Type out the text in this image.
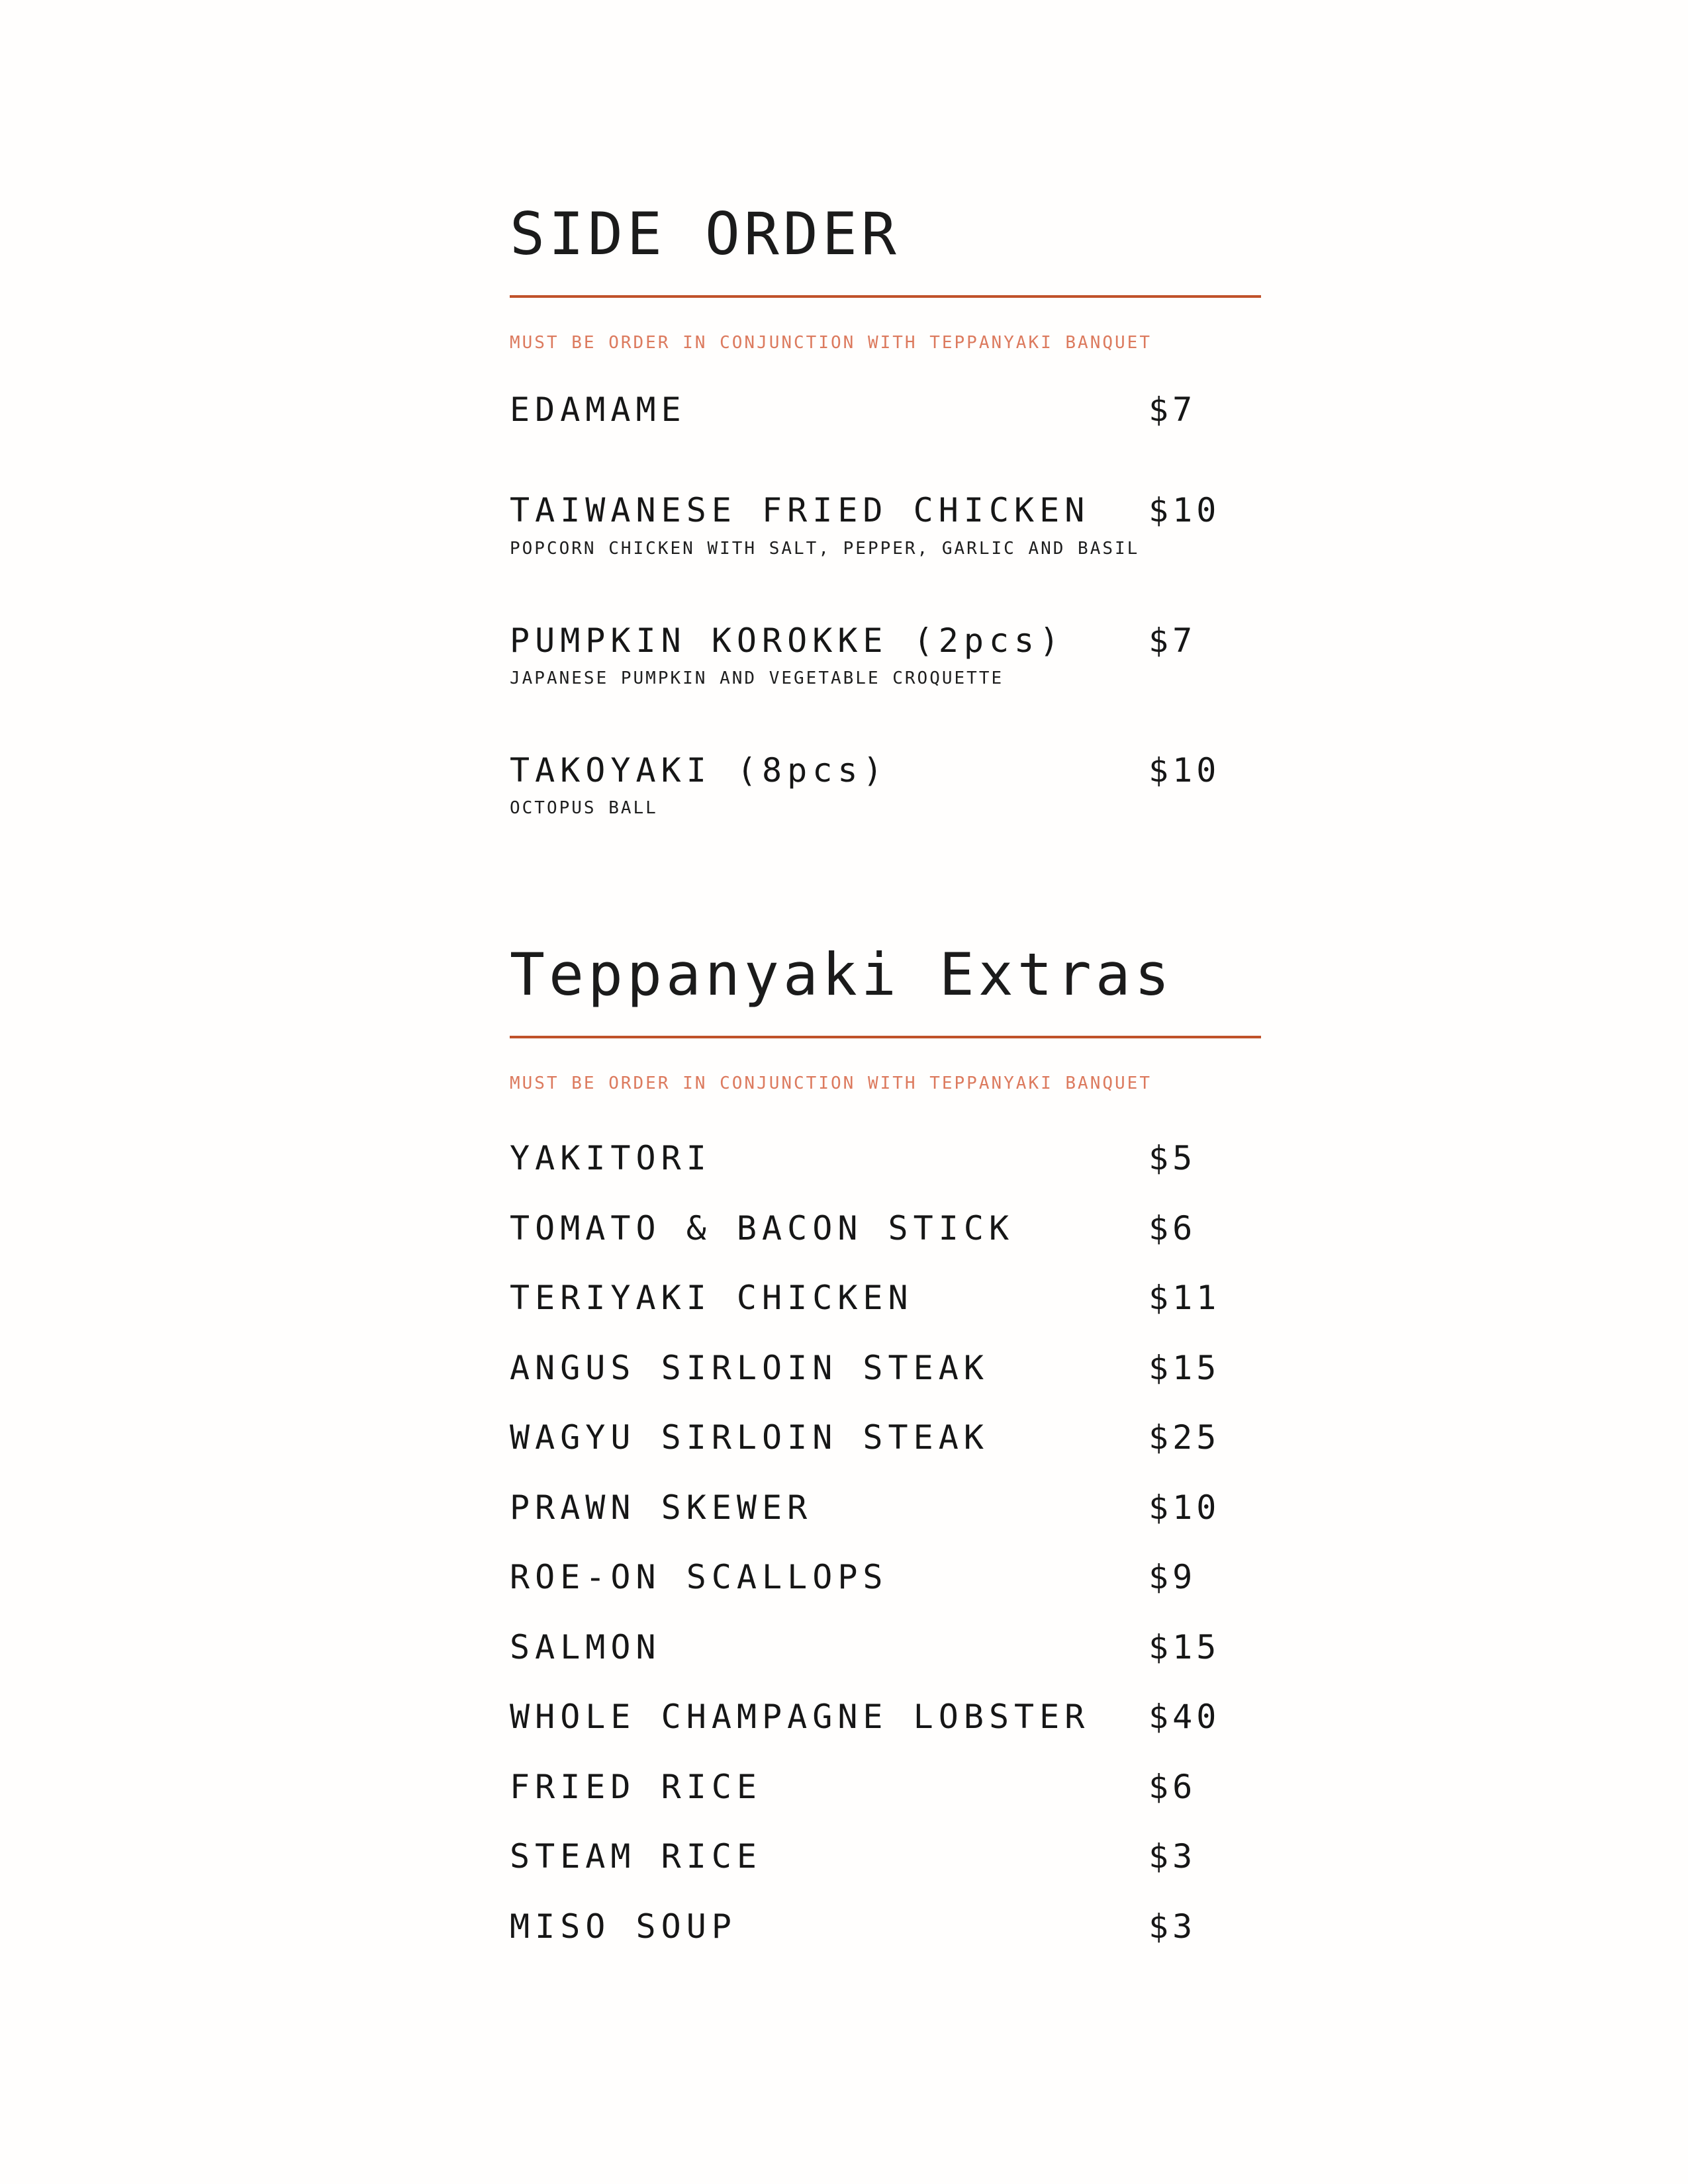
SIDE ORDER

MUST BE ORDER IN CONJUNCTION WITH TEPPANYAKI BANQUET

EDAMAME	$7
TAIWANESE FRIED CHICKEN $10

POPCORN CHICKEN WITH SALT, PEPPER, GARLIC AND BASIL

PUMPKIN KOROKKE (2pcs)	$7

JAPANESE PUMPKIN AND VEGETABLE CROQUETTE

TAKOYAKI (8pcs)	$10

OCTOPUS BALL

Teppanyaki Extras

MUST BE ORDER IN CONJUNCTION WITH TEPPANYAKI BANQUET

YAKITORI	$5
TOMATO & BACON STICK	$6
TERIYAKI CHICKEN	$11
ANGUS SIRLOIN STEAK	$15
WAGYU SIRLOIN STEAK	$25
PRAWN SKEWER	$10
ROE-ON SCALLOPS	$9
SALMON	$15
WHOLE CHAMPAGNE LOBSTER $40
FRIED RICE	$6
STEAM RICE	$3
MISO SOUP	$3
